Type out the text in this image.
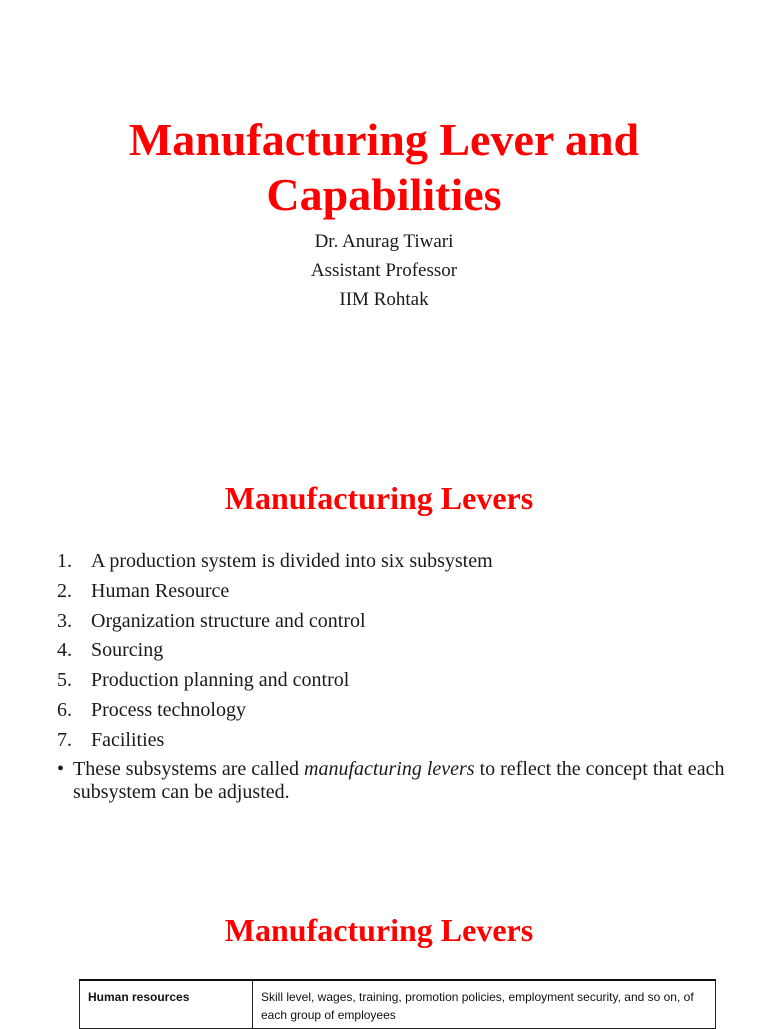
Manufacturing Lever and
Capabilities
Dr. Anurag Tiwari
Assistant Professor
IIM Rohtak
Manufacturing Levers
1. A production system is divided into six subsystem
2. Human Resource
3. Organization structure and control
4. Sourcing
5. Production planning and control
6. Process technology
7. Facilities
• These subsystems are called manufacturing levers to reflect the concept that each subsystem can be adjusted.
Manufacturing Levers
Human resources	Skill level, wages, training, promotion policies, employment security, and so on, of each group of employees
